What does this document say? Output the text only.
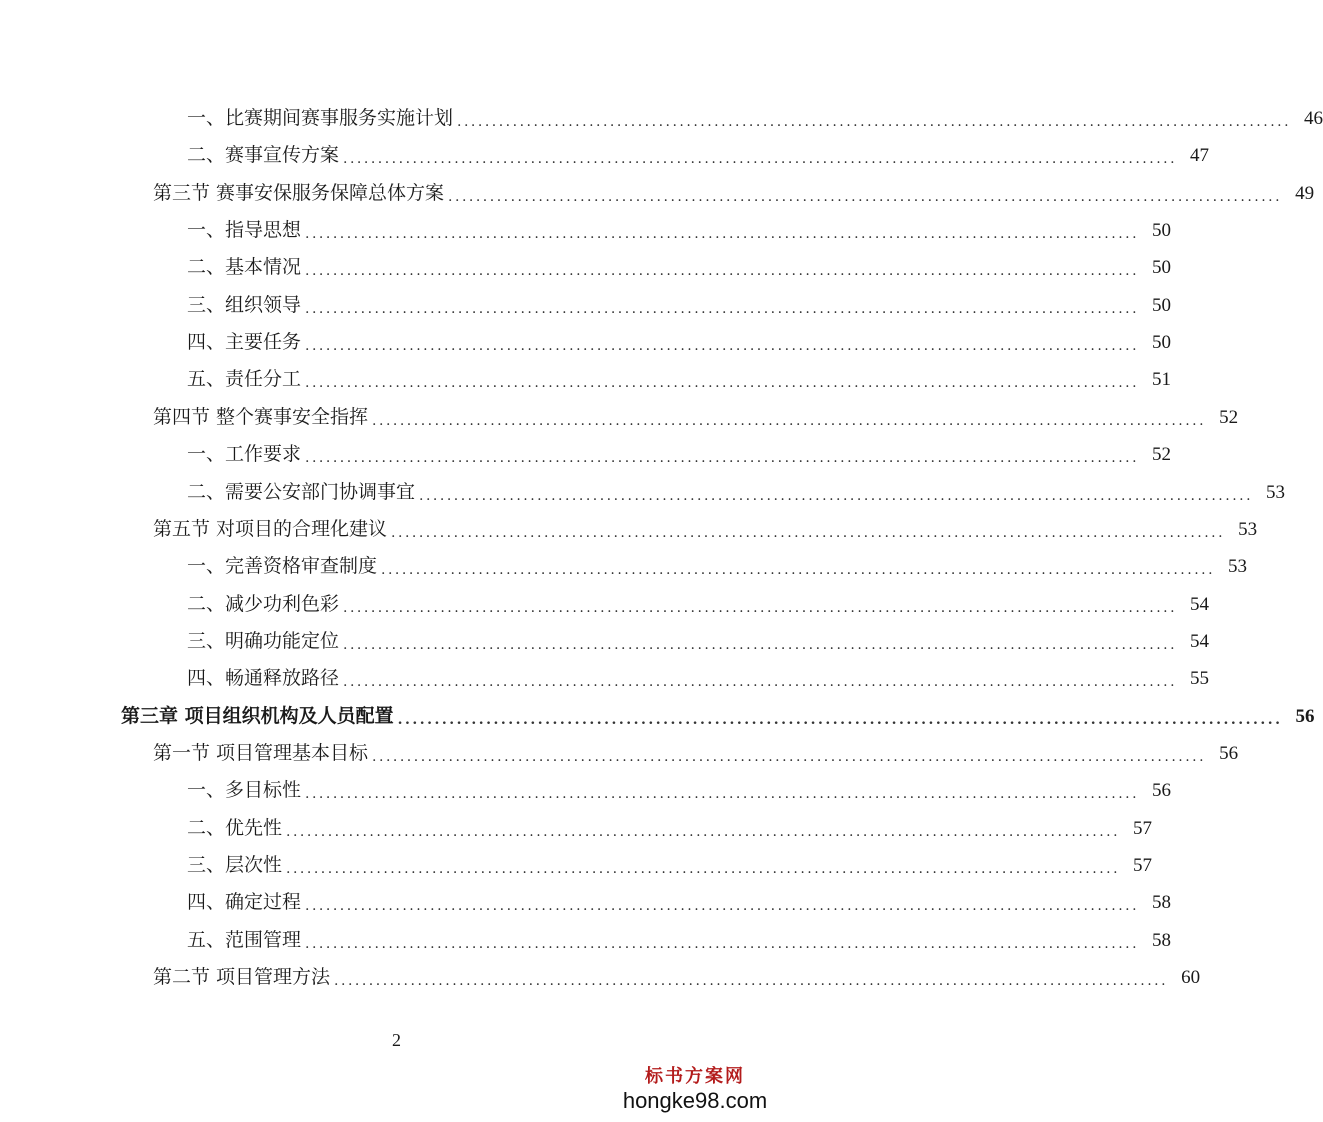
一、比赛期间赛事服务实施计划 ........................................................................................................................ 46
二、赛事宣传方案 ........................................................................................................................ 47
第三节 赛事安保服务保障总体方案 ........................................................................................................................ 49
一、指导思想 ........................................................................................................................ 50
二、基本情况 ........................................................................................................................ 50
三、组织领导 ........................................................................................................................ 50
四、主要任务 ........................................................................................................................ 50
五、责任分工 ........................................................................................................................ 51
第四节 整个赛事安全指挥 ........................................................................................................................ 52
一、工作要求 ........................................................................................................................ 52
二、需要公安部门协调事宜 ........................................................................................................................ 53
第五节 对项目的合理化建议 ........................................................................................................................ 53
一、完善资格审查制度 ........................................................................................................................ 53
二、减少功利色彩 ........................................................................................................................ 54
三、明确功能定位 ........................................................................................................................ 54
四、畅通释放路径 ........................................................................................................................ 55
第三章 项目组织机构及人员配置 ........................................................................................................................ 56
第一节 项目管理基本目标 ........................................................................................................................ 56
一、多目标性 ........................................................................................................................ 56
二、优先性 ........................................................................................................................ 57
三、层次性 ........................................................................................................................ 57
四、确定过程 ........................................................................................................................ 58
五、范围管理 ........................................................................................................................ 58
第二节 项目管理方法 ........................................................................................................................ 60
2
标书方案网
hongke98.com
